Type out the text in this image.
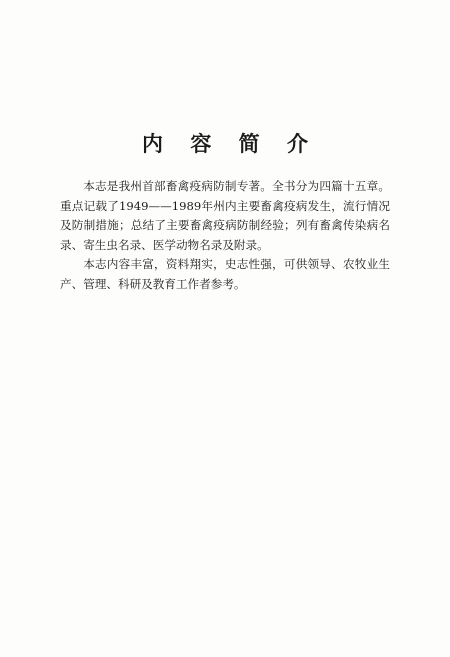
内 容 简 介

本志是我州首部畜禽疫病防制专著。全书分为四篇十五章。重点记载了1949——1989年州内主要畜禽疫病发生，流行情况及防制措施；总结了主要畜禽疫病防制经验；列有畜禽传染病名录、寄生虫名录、医学动物名录及附录。

本志内容丰富，资料翔实，史志性强，可供领导、农牧业生产、管理、科研及教育工作者参考。
